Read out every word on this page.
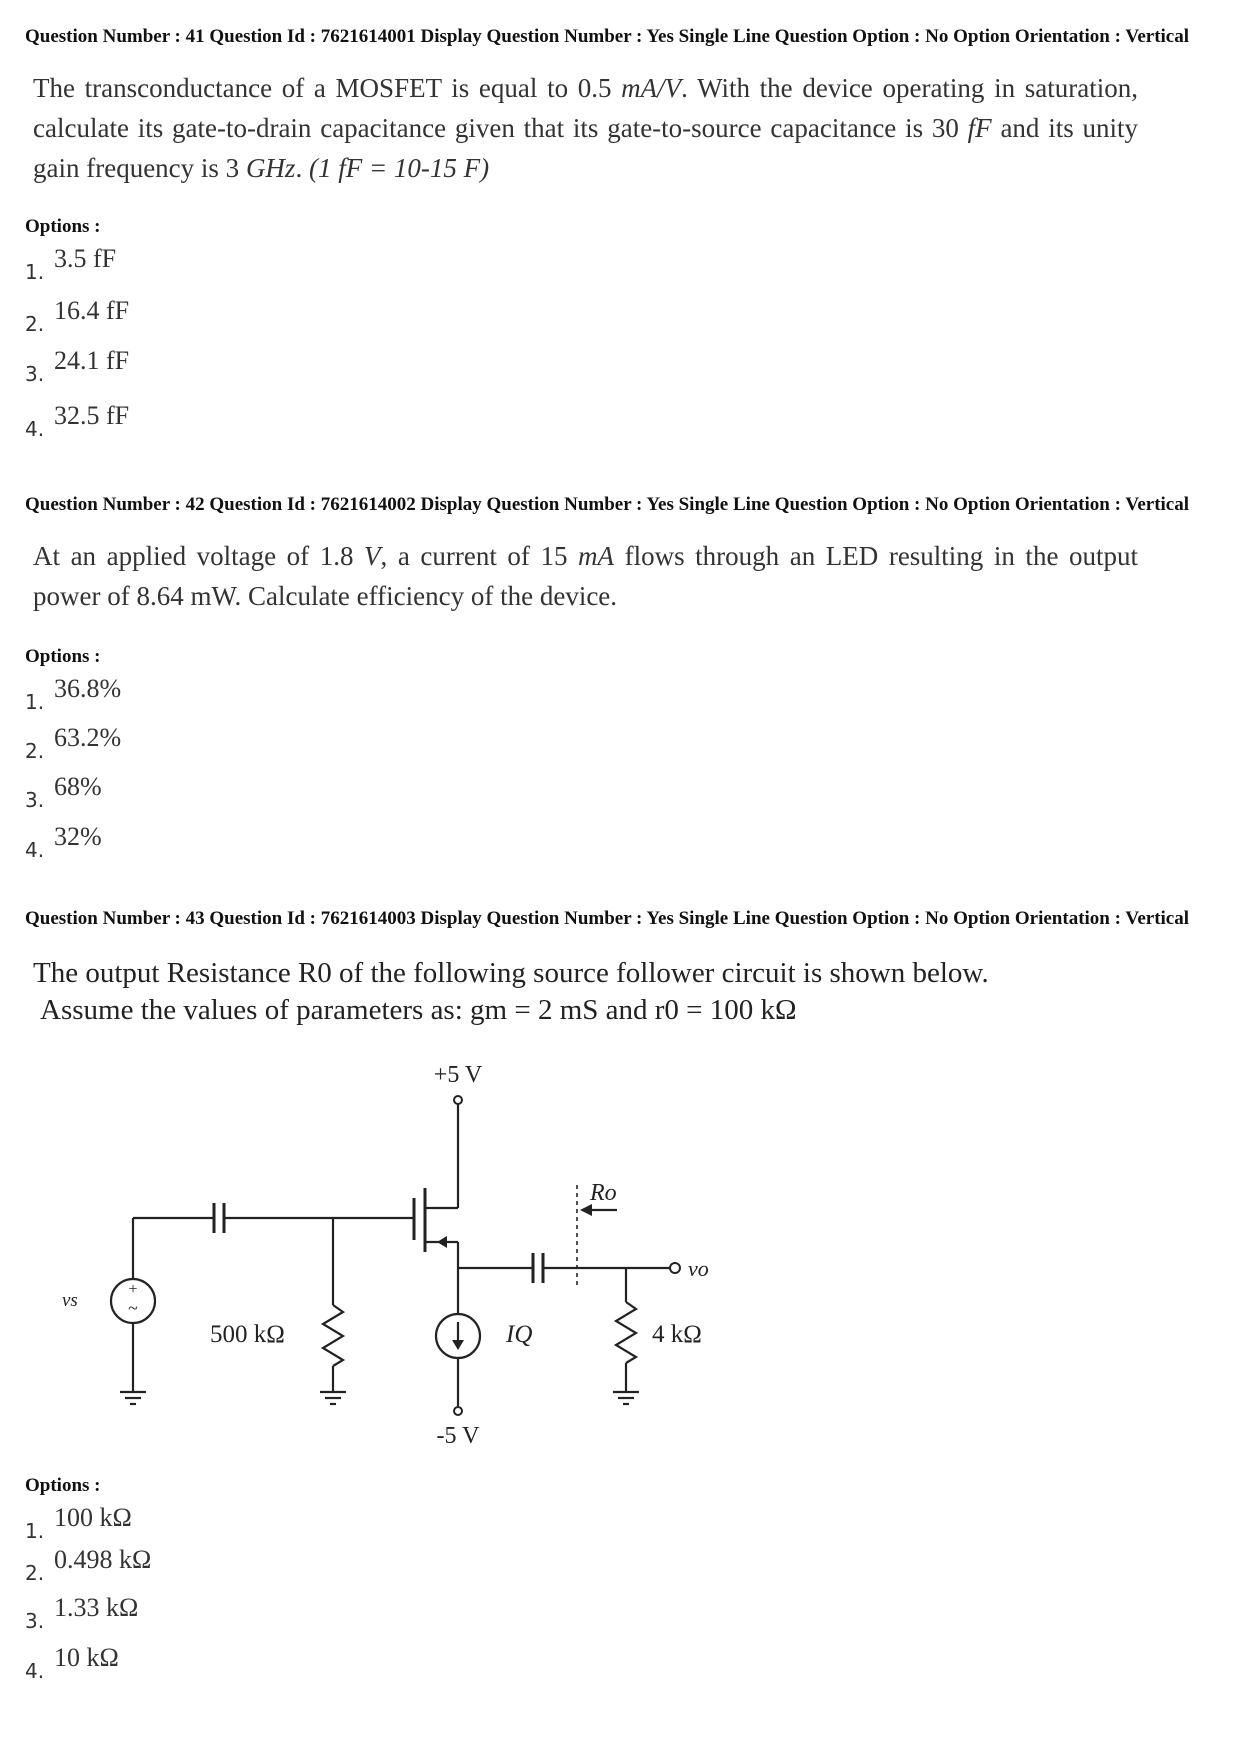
Question Number : 41 Question Id : 7621614001 Display Question Number : Yes Single Line Question Option : No Option Orientation : Vertical
The transconductance of a MOSFET is equal to 0.5 mA/V. With the device operating in saturation, calculate its gate-to-drain capacitance given that its gate-to-source capacitance is 30 fF and its unity gain frequency is 3 GHz. (1 fF = 10-15 F)
Options :
1. 3.5 fF
2. 16.4 fF
3. 24.1 fF
4. 32.5 fF
Question Number : 42 Question Id : 7621614002 Display Question Number : Yes Single Line Question Option : No Option Orientation : Vertical
At an applied voltage of 1.8 V, a current of 15 mA flows through an LED resulting in the output power of 8.64 mW. Calculate efficiency of the device.
Options :
1. 36.8%
2. 63.2%
3. 68%
4. 32%
Question Number : 43 Question Id : 7621614003 Display Question Number : Yes Single Line Question Option : No Option Orientation : Vertical
The output Resistance R0 of the following source follower circuit is shown below.
Assume the values of parameters as: gm = 2 mS and r0 = 100 kΩ
+
~
+5 V
-5 V
vs
500 kΩ	IQ	4 kΩ
Ro
vo
Options :
1. 100 kΩ
2. 0.498 kΩ
3. 1.33 kΩ
4. 10 kΩ
